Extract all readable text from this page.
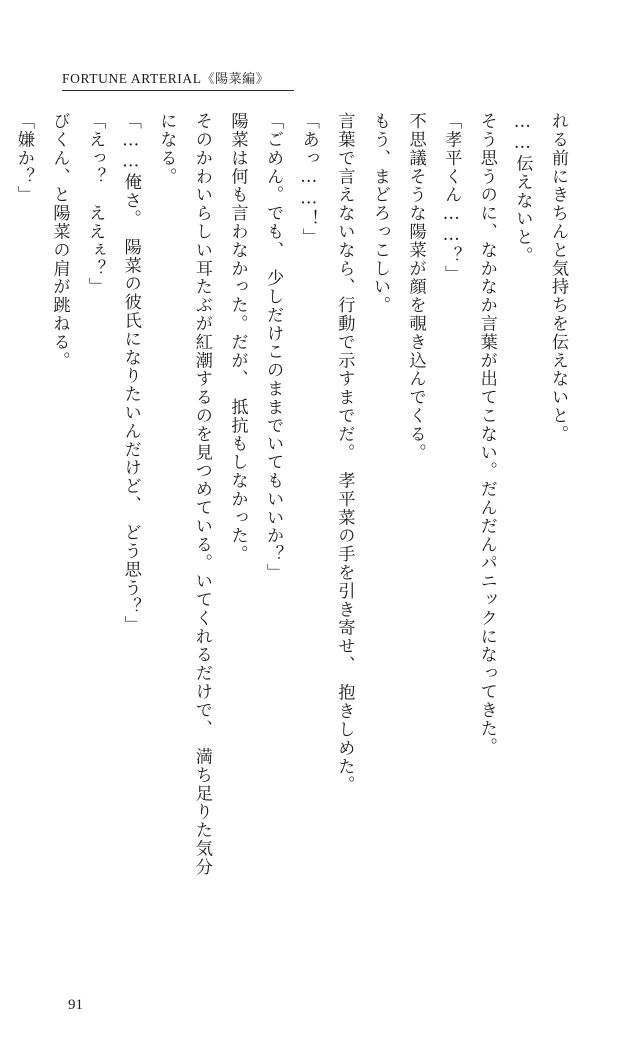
FORTUNE ARTERIAL《陽菜編》

れる前にきちんと気持ちを伝えないと。

……伝えないと。

そう思うのに、なかなか言葉が出てこない。だんだんパニックになってきた。

「孝平くん……？」

不思議そうな陽菜が顔を覗き込んでくる。

もう、まどろっこしい。

言葉で言えないなら、行動で示すまでだ。　孝平菜の手を引き寄せ、　抱きしめた。

「あっ……！」

「ごめん。でも、　少しだけこのままでいてもいいか？」

陽菜は何も言わなかった。だが、　抵抗もしなかった。

そのかわいらしい耳たぶが紅潮するのを見つめている。いてくれるだけで、　満ち足りた気分

になる。

「……俺さ。　陽菜の彼氏になりたいんだけど、　どう思う？」

「えっ？　ええぇ？」

びくん、と陽菜の肩が跳ねる。

「嫌か？」

91
